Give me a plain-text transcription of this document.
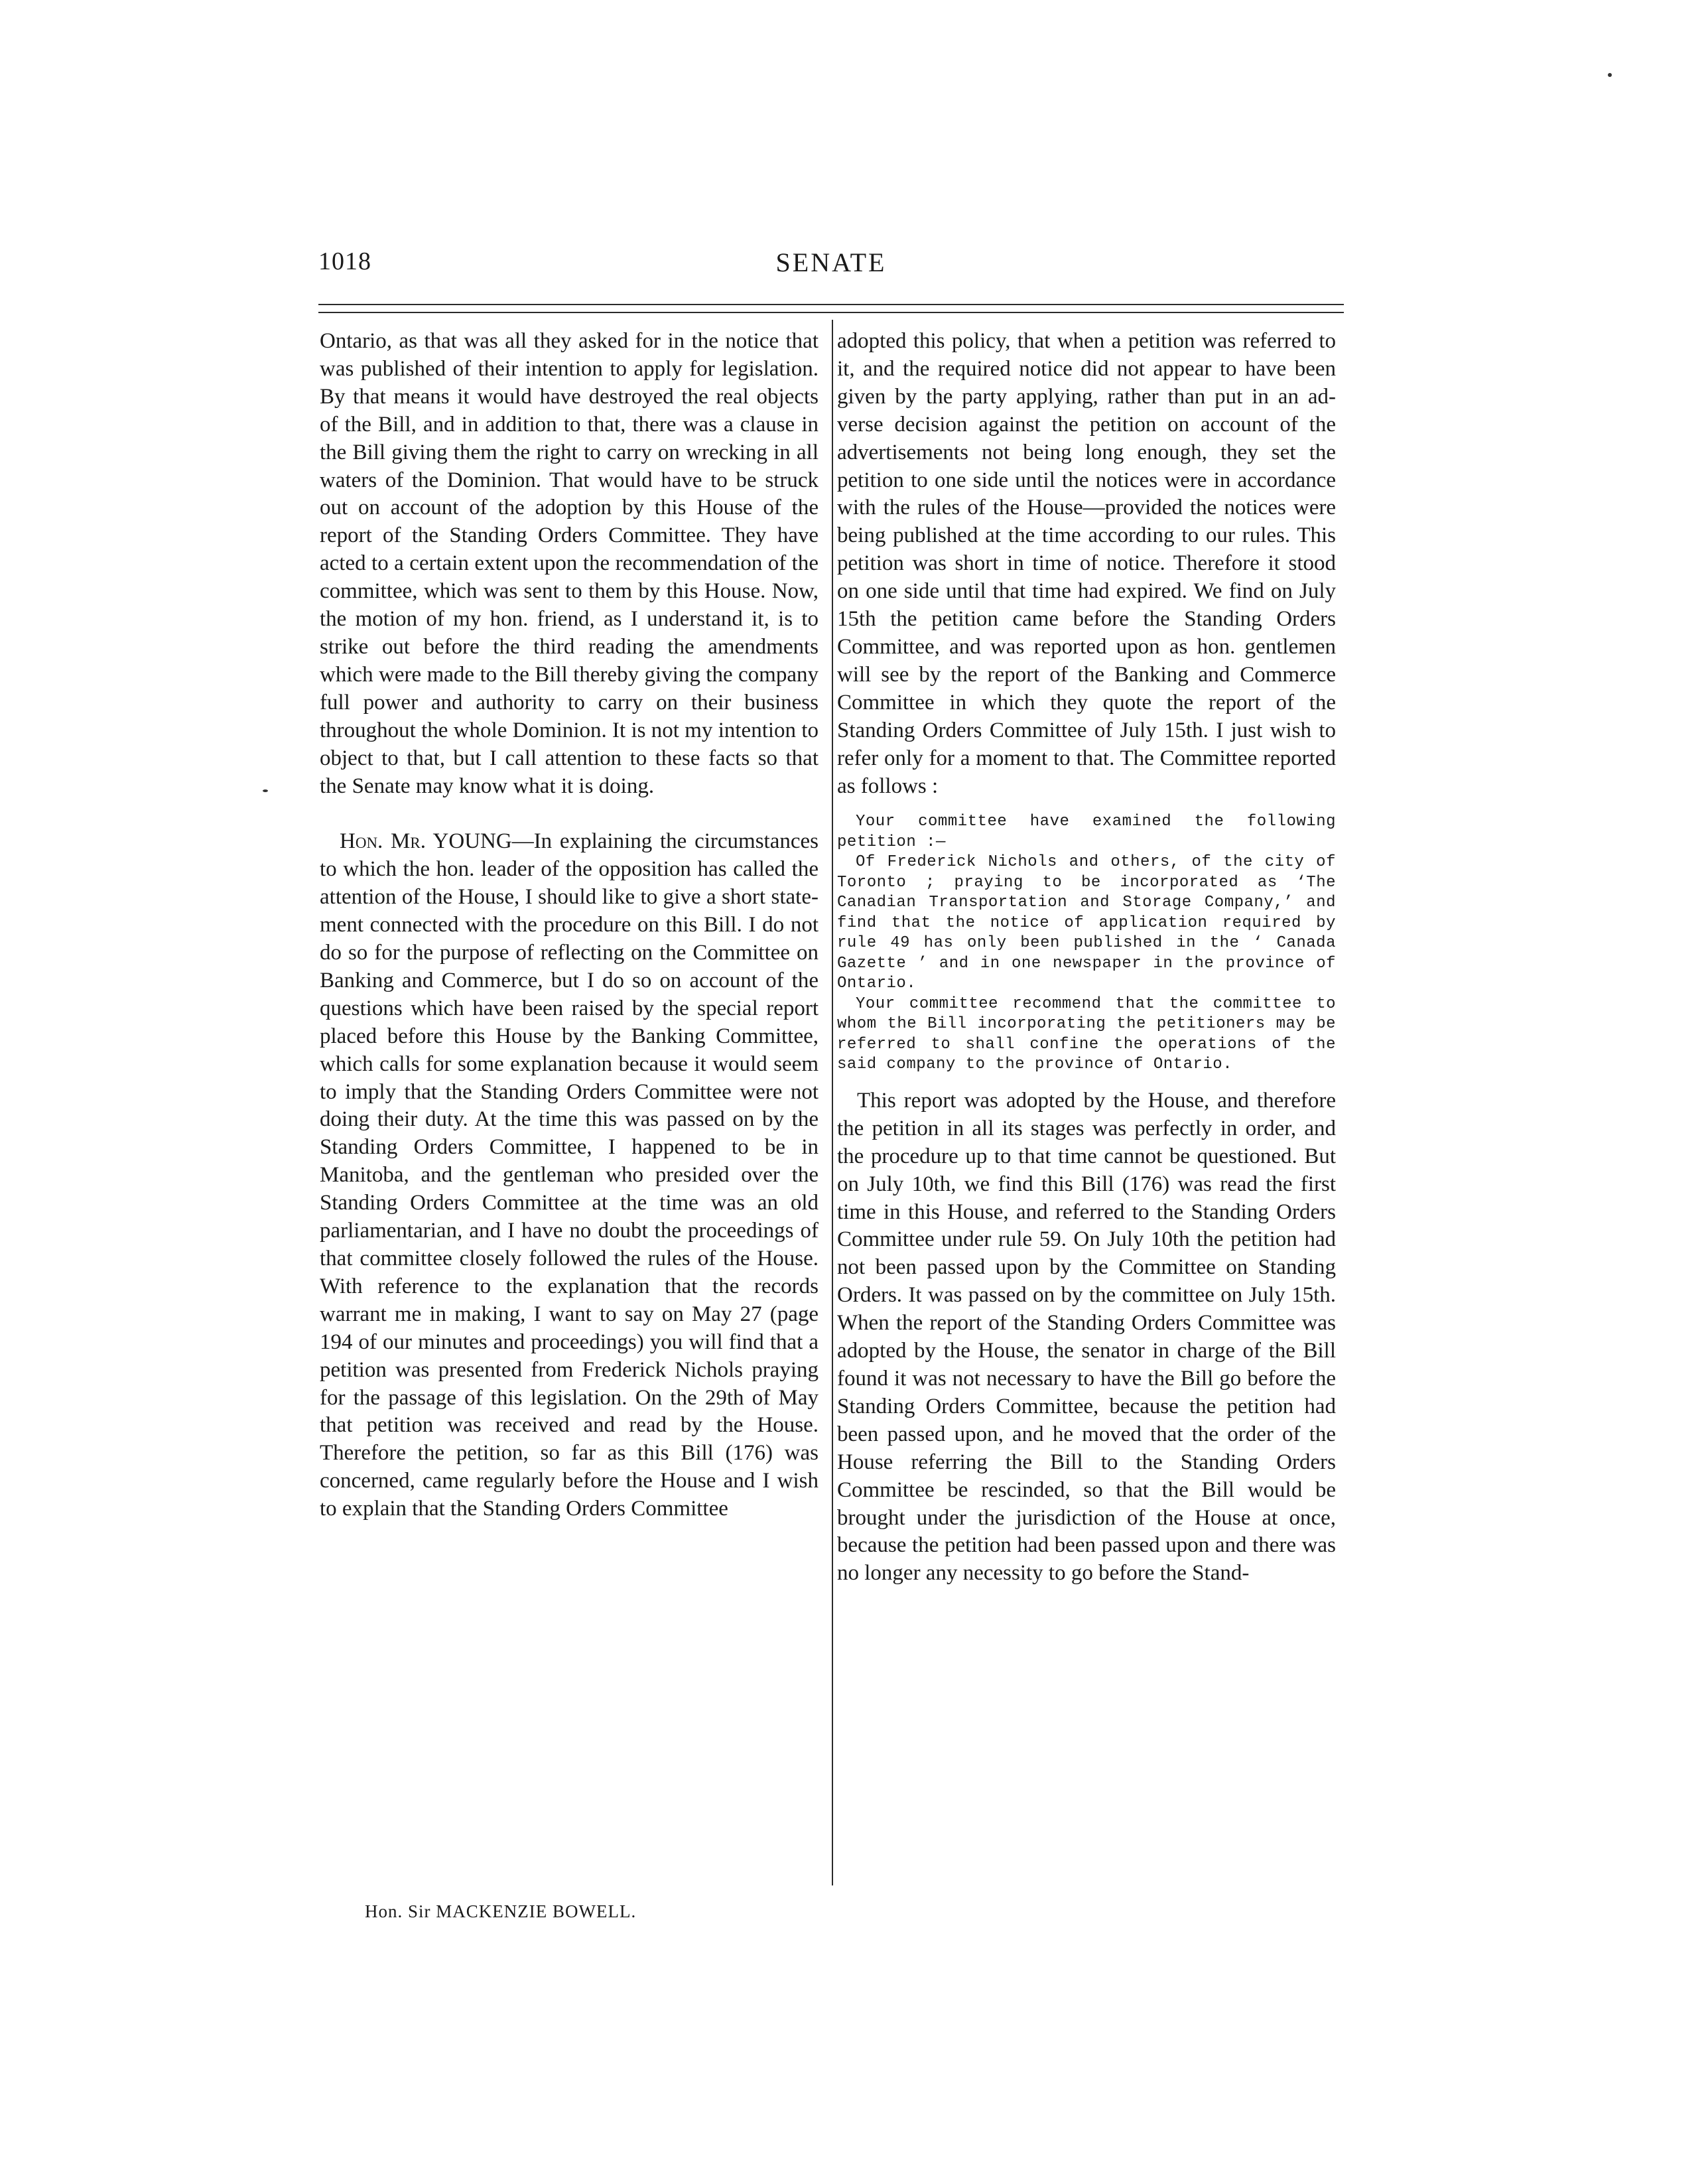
1018	SENATE

Ontario, as that was all they asked for in the notice that was published of their intention to apply for legislation. By that means it would have destroyed the real objects of the Bill, and in addition to that, there was a clause in the Bill giving them the right to carry on wrecking in all waters of the Dominion. That would have to be struck out on account of the adoption by this House of the report of the Standing Orders Committee. They have acted to a certain extent upon the recommendation of the committee, which was sent to them by this House. Now, the motion of my hon. friend, as I understand it, is to strike out before the third reading the amendments which were made to the Bill thereby giving the company full power and authority to carry on their business throughout the whole Dominion. It is not my intention to object to that, but I call attention to these facts so that the Senate may know what it is doing.

Hon. Mr. YOUNG—In explaining the circumstances to which the hon. leader of the opposition has called the attention of the House, I should like to give a short statement connected with the procedure on this Bill. I do not do so for the purpose of reflecting on the Committee on Banking and Commerce, but I do so on account of the questions which have been raised by the special report placed before this House by the Banking Committee, which calls for some explanation because it would seem to imply that the Standing Orders Committee were not doing their duty. At the time this was passed on by the Standing Orders Committee, I happened to be in Manitoba, and the gentleman who presided over the Standing Orders Committee at the time was an old parliamentarian, and I have no doubt the proceedings of that committee closely followed the rules of the House. With reference to the explanation that the records warrant me in making, I want to say on May 27 (page 194 of our minutes and proceedings) you will find that a petition was presented from Frederick Nichols praying for the passage of this legislation. On the 29th of May that petition was received and read by the House. Therefore the petition, so far as this Bill (176) was concerned, came regularly before the House and I wish to explain that the Standing Orders Committee

adopted this policy, that when a petition was referred to it, and the required notice did not appear to have been given by the party applying, rather than put in an adverse decision against the petition on account of the advertisements not being long enough, they set the petition to one side until the notices were in accordance with the rules of the House—provided the notices were being published at the time according to our rules. This petition was short in time of notice. Therefore it stood on one side until that time had expired. We find on July 15th the petition came before the Standing Orders Committee, and was reported upon as hon. gentlemen will see by the report of the Banking and Commerce Committee in which they quote the report of the Standing Orders Committee of July 15th. I just wish to refer only for a moment to that. The Committee reported as follows :

Your committee have examined the following petition :—

Of Frederick Nichols and others, of the city of Toronto ; praying to be incorporated as ‘The Canadian Transportation and Storage Company,’ and find that the notice of application required by rule 49 has only been published in the ‘ Canada Gazette ’ and in one newspaper in the province of Ontario.

Your committee recommend that the committee to whom the Bill incorporating the petitioners may be referred to shall confine the operations of the said company to the province of Ontario.

This report was adopted by the House, and therefore the petition in all its stages was perfectly in order, and the procedure up to that time cannot be questioned. But on July 10th, we find this Bill (176) was read the first time in this House, and referred to the Standing Orders Committee under rule 59. On July 10th the petition had not been passed upon by the Committee on Standing Orders. It was passed on by the committee on July 15th. When the report of the Standing Orders Committee was adopted by the House, the senator in charge of the Bill found it was not necessary to have the Bill go before the Standing Orders Committee, because the petition had been passed upon, and he moved that the order of the House referring the Bill to the Standing Orders Committee be rescinded, so that the Bill would be brought under the jurisdiction of the House at once, because the petition had been passed upon and there was no longer any necessity to go before the Stand-

Hon. Sir MACKENZIE BOWELL.
